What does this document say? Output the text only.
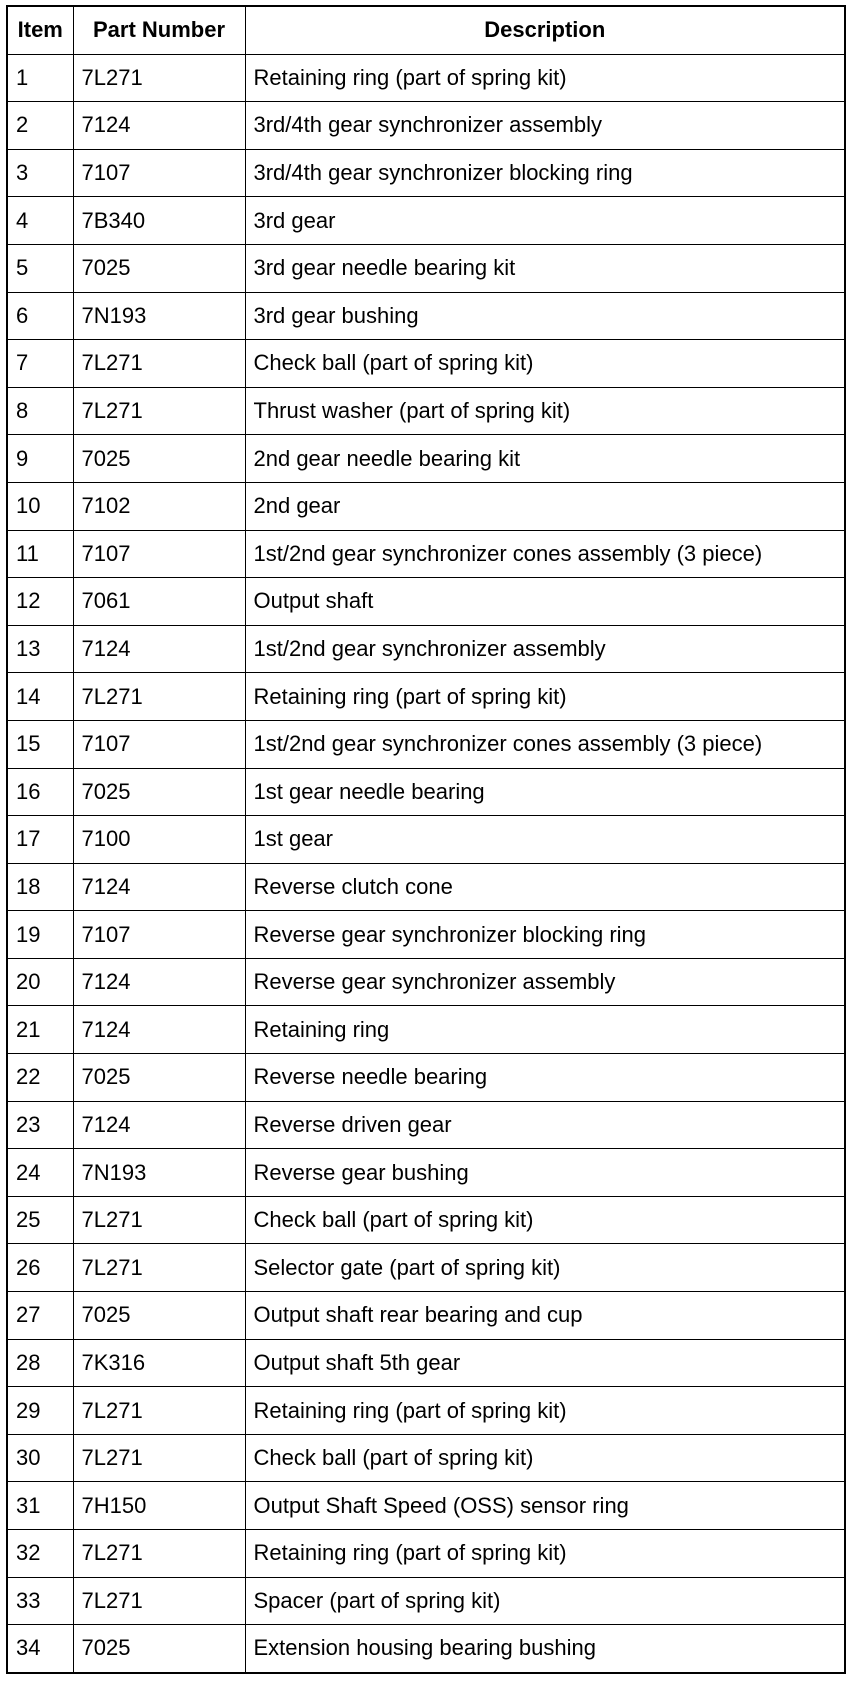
Item	Part Number	Description
1	7L271	Retaining ring (part of spring kit)
2	7124	3rd/4th gear synchronizer assembly
3	7107	3rd/4th gear synchronizer blocking ring
4	7B340	3rd gear
5	7025	3rd gear needle bearing kit
6	7N193	3rd gear bushing
7	7L271	Check ball (part of spring kit)
8	7L271	Thrust washer (part of spring kit)
9	7025	2nd gear needle bearing kit
10	7102	2nd gear
11	7107	1st/2nd gear synchronizer cones assembly (3 piece)
12	7061	Output shaft
13	7124	1st/2nd gear synchronizer assembly
14	7L271	Retaining ring (part of spring kit)
15	7107	1st/2nd gear synchronizer cones assembly (3 piece)
16	7025	1st gear needle bearing
17	7100	1st gear
18	7124	Reverse clutch cone
19	7107	Reverse gear synchronizer blocking ring
20	7124	Reverse gear synchronizer assembly
21	7124	Retaining ring
22	7025	Reverse needle bearing
23	7124	Reverse driven gear
24	7N193	Reverse gear bushing
25	7L271	Check ball (part of spring kit)
26	7L271	Selector gate (part of spring kit)
27	7025	Output shaft rear bearing and cup
28	7K316	Output shaft 5th gear
29	7L271	Retaining ring (part of spring kit)
30	7L271	Check ball (part of spring kit)
31	7H150	Output Shaft Speed (OSS) sensor ring
32	7L271	Retaining ring (part of spring kit)
33	7L271	Spacer (part of spring kit)
34	7025	Extension housing bearing bushing
